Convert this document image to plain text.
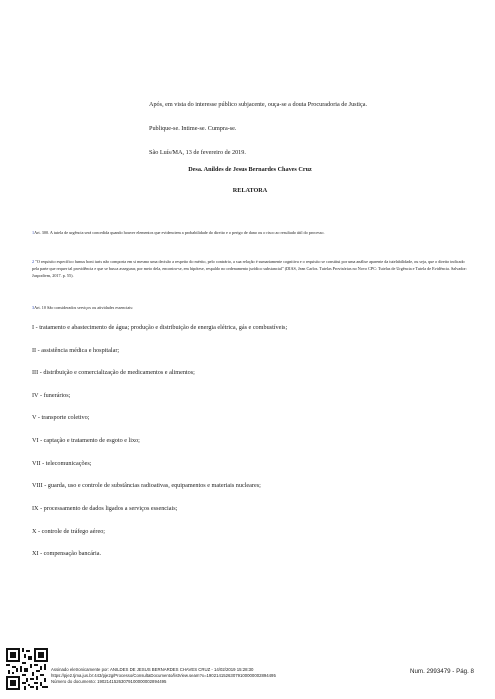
Após, em vista do interesse público subjacente, ouça-se a douta Procuradoria de Justiça.
Publique-se. Intime-se. Cumpra-se.
São Luís/MA, 13 de fevereiro de 2019.
Desa. Anildes de Jesus Bernardes Chaves Cruz
RELATORA
1Art. 300. A tutela de urgência será concedida quando houver elementos que evidenciem a probabilidade do direito e o perigo de dano ou o risco ao resultado útil do processo.
2 "O requisito específico fumus boni iuris não comporta em si mesmo uma decisão a respeito do mérito, pelo contrário, a sua relação é sumariamente cognitiva e o requisito se constitui por uma análise aparente da tutelabilidade, ou seja, que o direito indicado pela parte que requer tal providência e que se busca assegurar, por meio dela, encontra-se, em hipótese, respaldo no ordenamento jurídico substancial" (DIAS, Jean Carlos. Tutelas Provisórias no Novo CPC: Tutelas de Urgência e Tutela de Evidência. Salvador: Juspodivm, 2017. p. 55).
3Art. 10 São considerados serviços ou atividades essenciais:
I - tratamento e abastecimento de água; produção e distribuição de energia elétrica, gás e combustíveis;
II - assistência médica e hospitalar;
III - distribuição e comercialização de medicamentos e alimentos;
IV - funerários;
V - transporte coletivo;
VI - captação e tratamento de esgoto e lixo;
VII - telecomunicações;
VIII - guarda, uso e controle de substâncias radioativas, equipamentos e materiais nucleares;
IX - processamento de dados ligados a serviços essenciais;
X - controle de tráfego aéreo;
XI - compensação bancária.
Assinado eletronicamente por: ANILDES DE JESUS BERNARDES CHAVES CRUZ - 14/02/2019 15:28:30
https://pje2.tjma.jus.br:443/pje2g/Processo/ConsultaDocumento/listView.seam?x=19021415263079100000002894495
Número do documento: 19021415263079100000002894495
Num. 2993479 - Pág. 8
